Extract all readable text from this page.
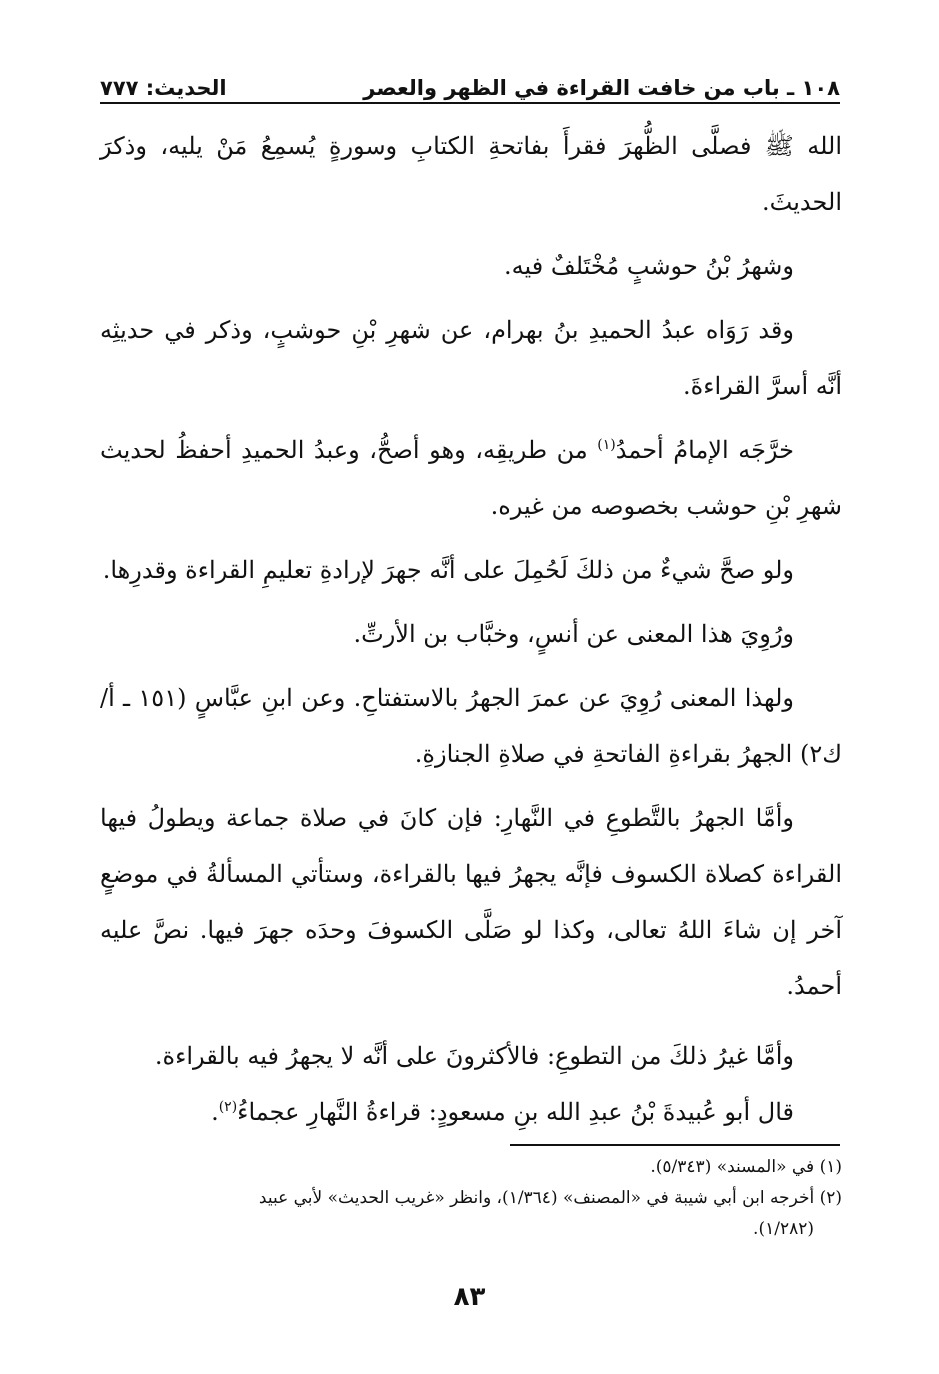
١٠٨ ـ باب من خافت القراءة في الظهر والعصر
الحديث: ٧٧٧

الله ﷺ فصلَّى الظُّهرَ فقرأَ بفاتحةِ الكتابِ وسورةٍ يُسمِعُ مَنْ يليه، وذكرَ الحديثَ.

وشهرُ بْنُ حوشبٍ مُخْتَلفٌ فيه.

وقد رَوَاه عبدُ الحميدِ بنُ بهرام، عن شهرِ بْنِ حوشبٍ، وذكر في حديثِه أنَّه أسرَّ القراءةَ.

خرَّجَه الإمامُ أحمدُ$^{(١)}$ من طريقِه، وهو أصحُّ، وعبدُ الحميدِ أحفظُ لحديث شهرِ بْنِ حوشب بخصوصه من غيره.

ولو صحَّ شيءٌ من ذلكَ لَحُمِلَ على أنَّه جهرَ لإرادةِ تعليمِ القراءة وقدرِها.

ورُوِيَ هذا المعنى عن أنسٍ، وخبَّاب بن الأرتِّ.

ولهذا المعنى رُوِيَ عن عمرَ الجهرُ بالاستفتاحِ. وعن ابنِ عبَّاسٍ (١٥١ ـ أ/ك٢) الجهرُ بقراءةِ الفاتحةِ في صلاةِ الجنازةِ.

وأمَّا الجهرُ بالتَّطوعِ في النَّهارِ: فإن كانَ في صلاة جماعة ويطولُ فيها القراءة كصلاة الكسوف فإنَّه يجهرُ فيها بالقراءة، وستأتي المسألةُ في موضعٍ آخر إن شاءَ اللهُ تعالى، وكذا لو صَلَّى الكسوفَ وحدَه جهرَ فيها. نصَّ عليه أحمدُ.

وأمَّا غيرُ ذلكَ من التطوعِ: فالأكثرونَ على أنَّه لا يجهرُ فيه بالقراءة.

قال أبو عُبيدةَ بْنُ عبدِ الله بنِ مسعودٍ: قراءةُ النَّهارِ عجماءُ$^{(٢)}$.

(١) في «المسند» (٥/٣٤٣).

(٢) أخرجه ابن أبي شيبة في «المصنف» (١/٣٦٤)، وانظر «غريب الحديث» لأبي عبيد

(١/٢٨٢).

٨٣
